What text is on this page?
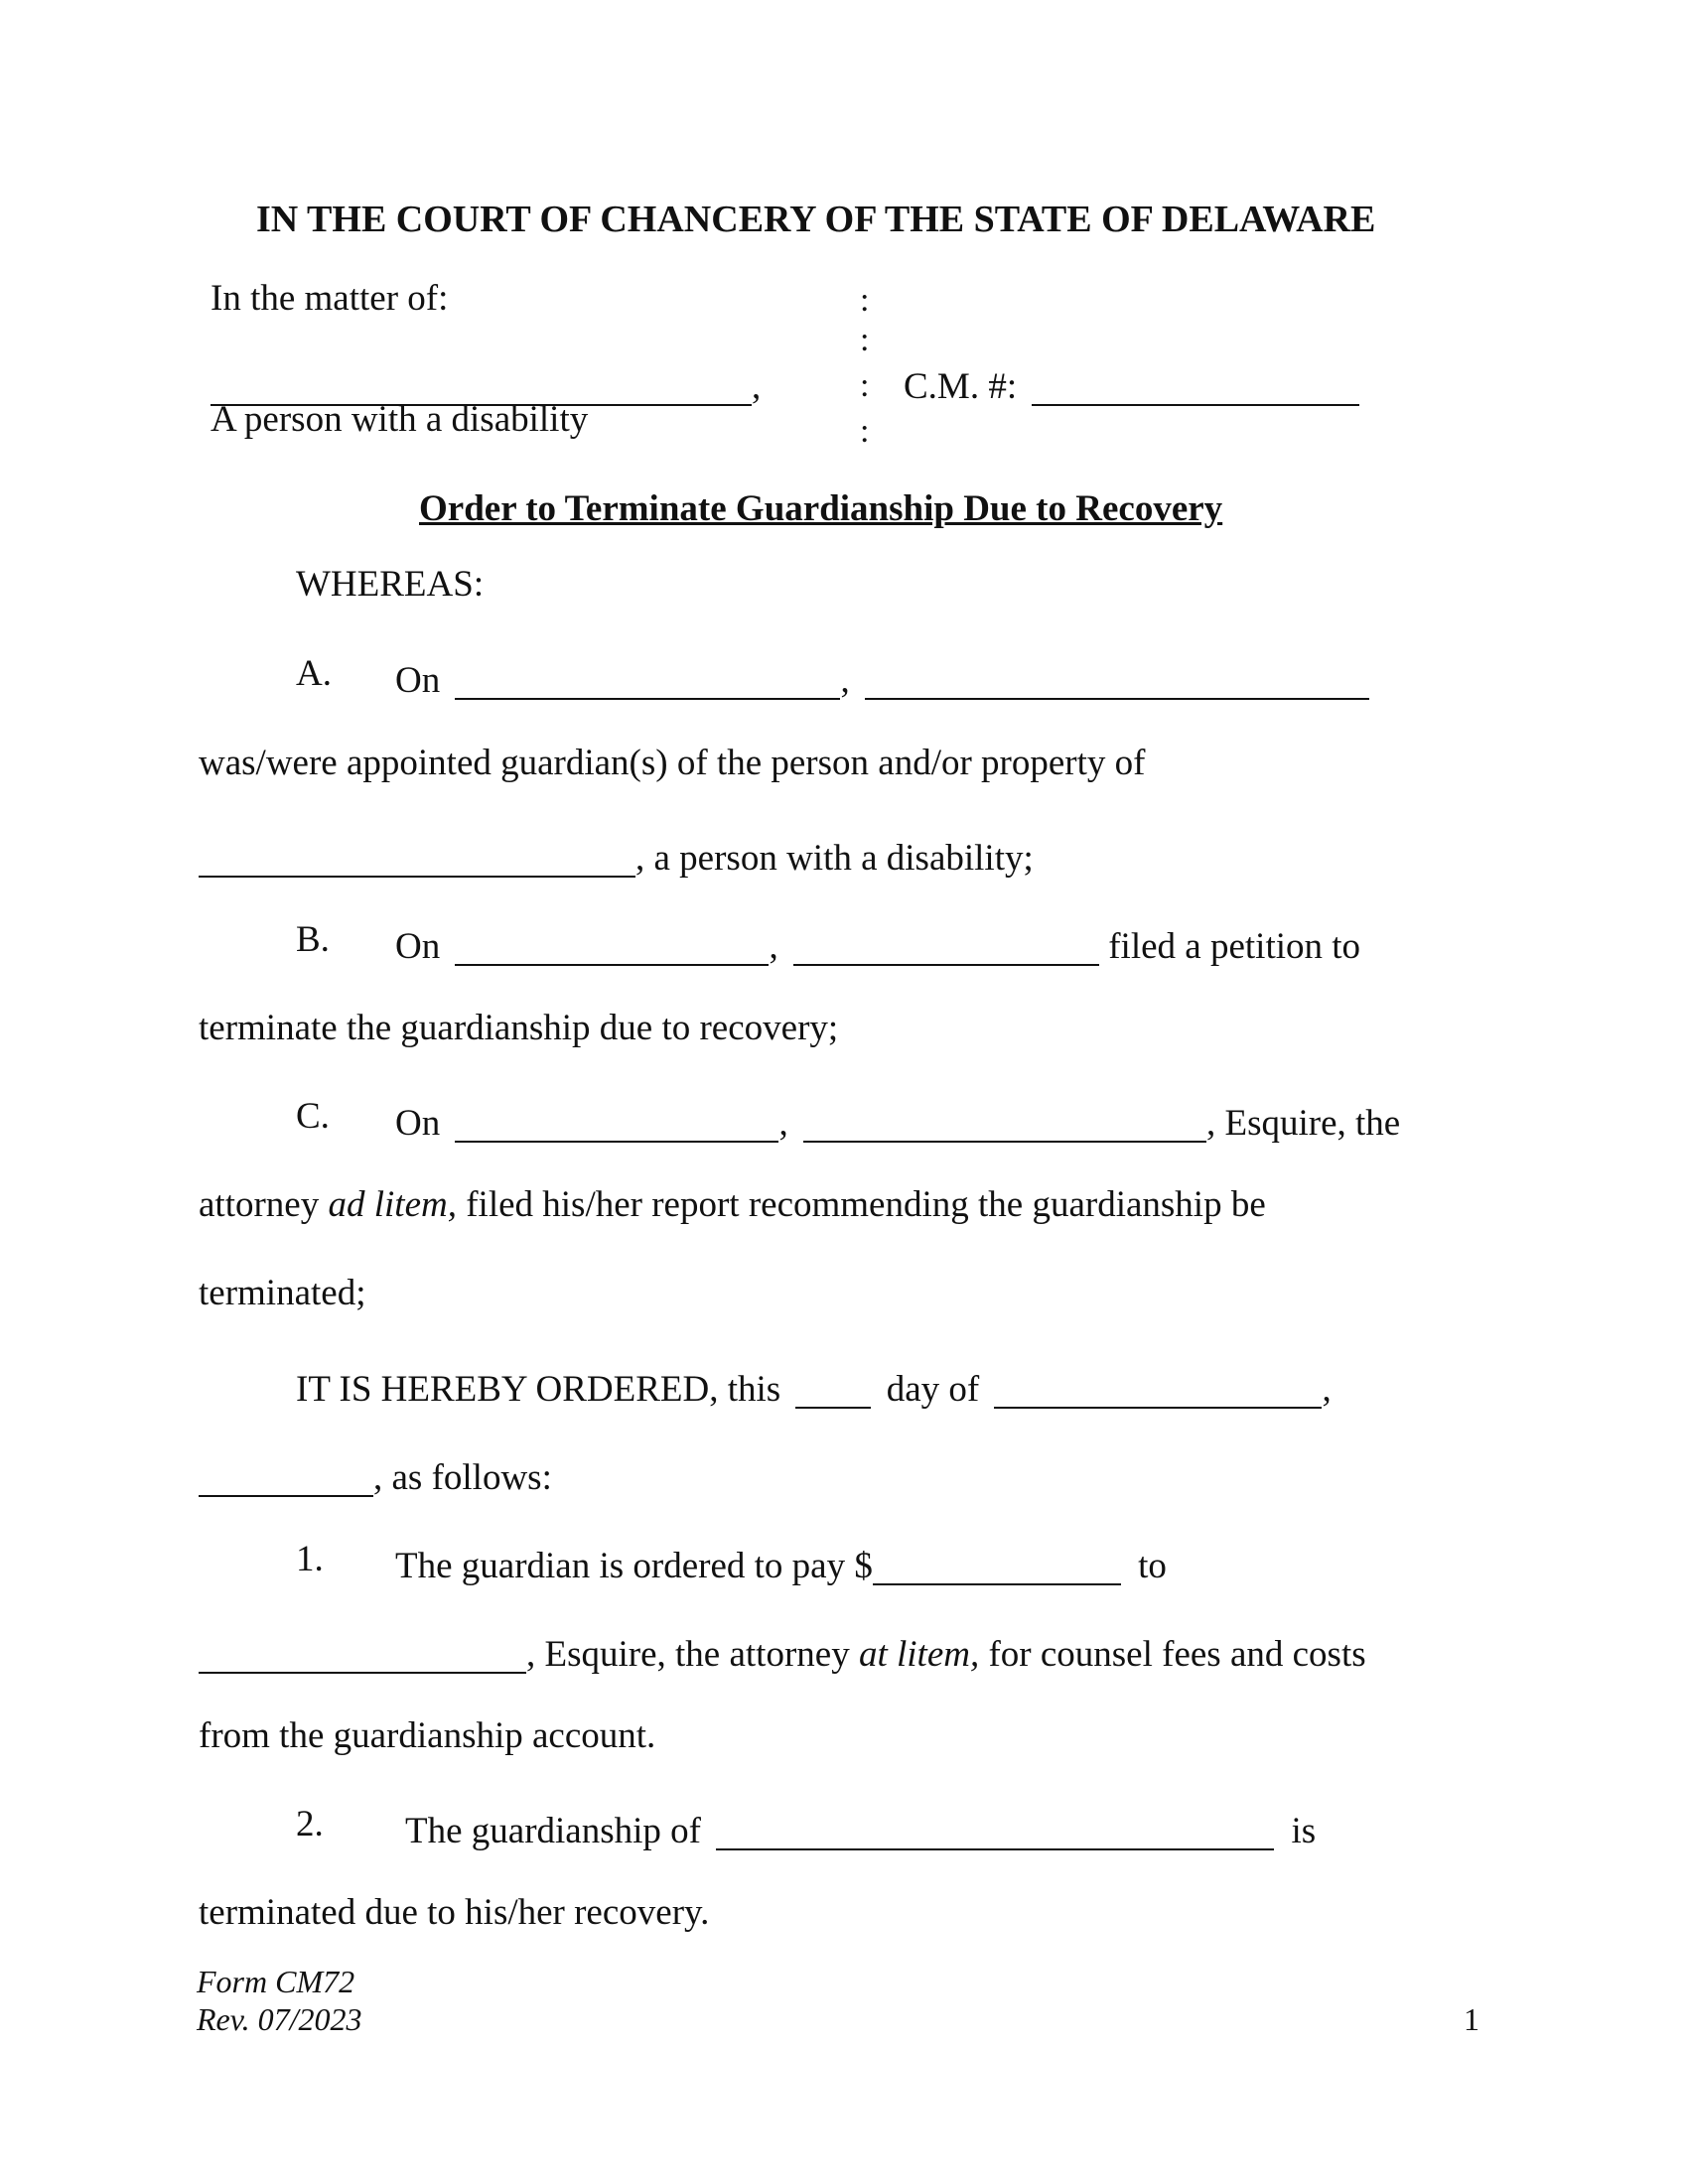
IN THE COURT OF CHANCERY OF THE STATE OF DELAWARE
In the matter of:
,
A person with a disability
:
:
:
:
C.M. #:
Order to Terminate Guardianship Due to Recovery
WHEREAS:
A. On	,
was/were appointed guardian(s) of the person and/or property of
, a person with a disability;
B. On	,	filed a petition to
terminate the guardianship due to recovery;
C. On	,	, Esquire, the
attorney ad litem, filed his/her report recommending the guardianship be
terminated;
IT IS HEREBY ORDERED, this	day of	,
, as follows:
1. The guardian is ordered to pay $	to
, Esquire, the attorney at litem, for counsel fees and costs
from the guardianship account.
2. The guardianship of	is
terminated due to his/her recovery.
Form CM72
Rev. 07/2023	1
